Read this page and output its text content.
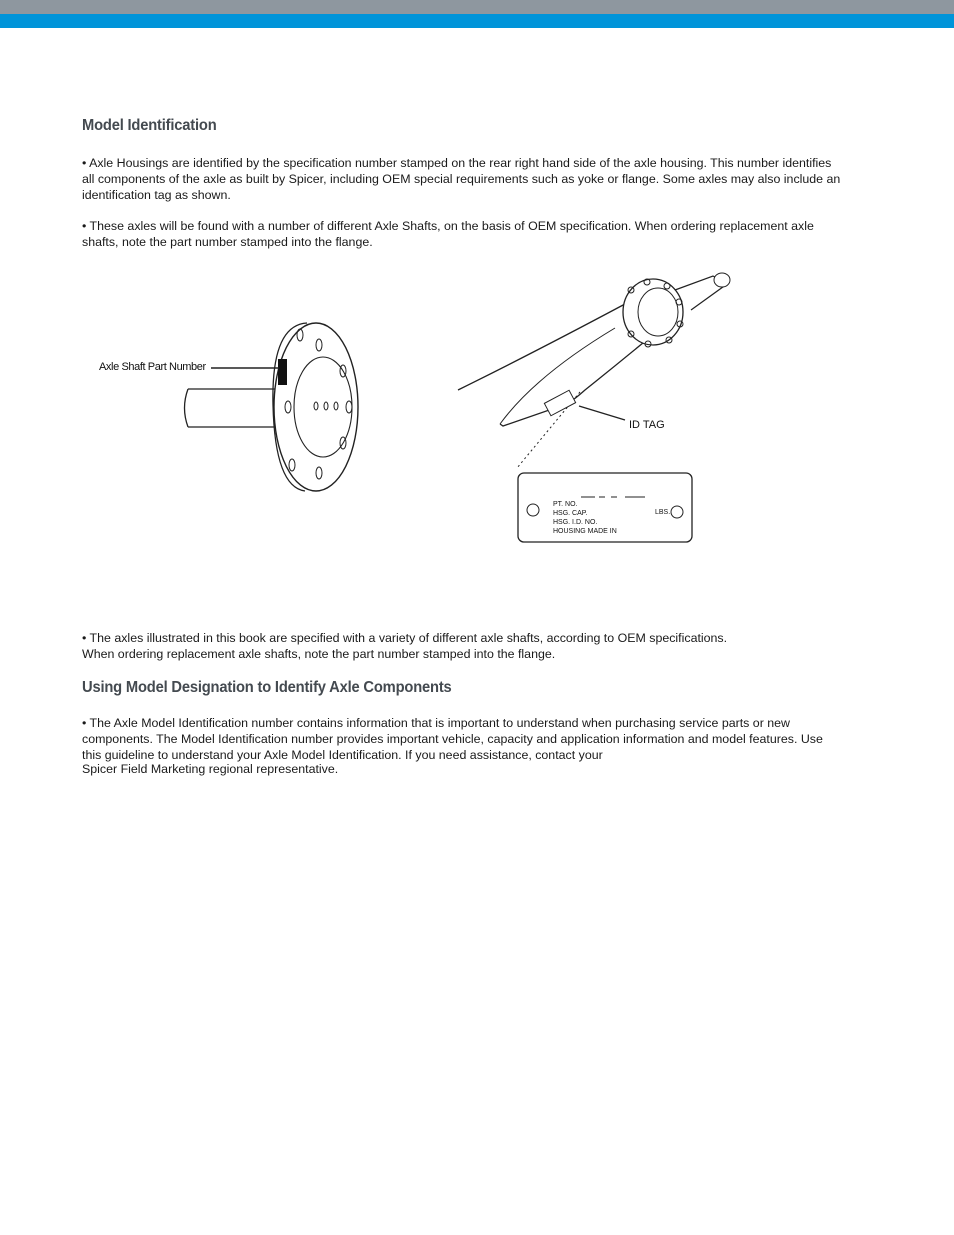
Model Identification

• Axle Housings are identified by the specification number stamped on the rear right hand side of the axle housing. This number identifies all components of the axle as built by Spicer, including OEM special requirements such as yoke or flange. Some axles may also include an identification tag as shown.

• These axles will be found with a number of different Axle Shafts, on the basis of OEM specification. When ordering replacement axle shafts, note the part number stamped into the flange.

Axle Shaft Part Number
ID TAG
PT. NO.
HSG. CAP.
HSG. I.D. NO.
HOUSING MADE IN
LBS.

• The axles illustrated in this book are specified with a variety of different axle shafts, according to OEM specifications.

When ordering replacement axle shafts, note the part number stamped into the flange.

Using Model Designation to Identify Axle Components

• The Axle Model Identification number contains information that is important to understand when purchasing service parts or new components. The Model Identification number provides important vehicle, capacity and application information and model features. Use this guideline to understand your Axle Model Identification. If you need assistance, contact your

Spicer Field Marketing regional representative.
